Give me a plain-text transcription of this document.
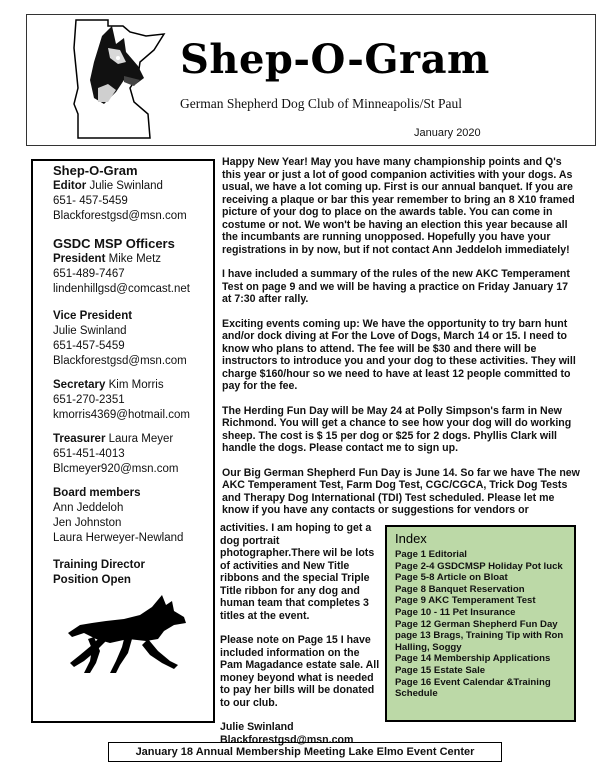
Shep-O-Gram
German Shepherd Dog Club of Minneapolis/St Paul
January 2020
Shep-O-Gram
Editor Julie Swinland
651- 457-5459
Blackforestgsd@msn.com
GSDC MSP Officers
President Mike Metz
651-489-7467
lindenhillgsd@comcast.net
Vice President
Julie Swinland
651-457-5459
Blackforestgsd@msn.com
Secretary Kim Morris
651-270-2351
kmorris4369@hotmail.com
Treasurer Laura Meyer
651-451-4013
Blcmeyer920@msn.com
Board members
Ann Jeddeloh
Jen Johnston
Laura Herweyer-Newland
Training Director
Position Open

Happy New Year! May you have many championship points and Q's this year or just a lot of good companion activities with your dogs. As usual, we have a lot coming up. First is our annual banquet. If you are receiving a plaque or bar this year remember to bring an 8 X10 framed picture of your dog to place on the awards table. You can come in costume or not. We won't be having an election this year because all the incumbants are running unopposed. Hopefully you have your registrations in by now, but if not contact Ann Jeddeloh immediately!

I have included a summary of the rules of the new AKC Temperament Test on page 9 and we will be having a practice on Friday January 17 at 7:30 after rally.

Exciting events coming up: We have the opportunity to try barn hunt and/or dock diving at For the Love of Dogs, March 14 or 15. I need to know who plans to attend. The fee will be $30 and there will be instructors to introduce you and your dog to these activities. They will charge $160/hour so we need to have at least 12 people committed to pay for the fee.

The Herding Fun Day will be May 24 at Polly Simpson's farm in New Richmond. You will get a chance to see how your dog will do working sheep. The cost is $ 15 per dog or $25 for 2 dogs. Phyllis Clark will handle the dogs. Please contact me to sign up.

Our Big German Shepherd Fun Day is June 14. So far we have The new AKC Temperament Test, Farm Dog Test, CGC/CGCA, Trick Dog Tests and Therapy Dog International (TDI) Test scheduled. Please let me know if you have any contacts or suggestions for vendors or

activities. I am hoping to get a dog portrait photographer.There wil be lots of activities and New Title ribbons and the special Triple Title ribbon for any dog and human team that completes 3 titles at the event.

Please note on Page 15 I have included information on the Pam Magadance estate sale. All money beyond what is needed to pay her bills will be donated to our club.

Julie Swinland
Blackforestgsd@msn.com
Index
Page 1 Editorial
Page 2-4 GSDCMSP Holiday Pot luck
Page 5-8 Article on Bloat
Page 8 Banquet Reservation
Page 9 AKC Temperament Test
Page 10 - 11 Pet Insurance
Page 12 German Shepherd Fun Day
page 13 Brags, Training Tip with Ron Halling, Soggy
Page 14 Membership Applications
Page 15 Estate Sale
Page 16 Event Calendar &Training Schedule
January 18 Annual Membership Meeting Lake Elmo Event Center
